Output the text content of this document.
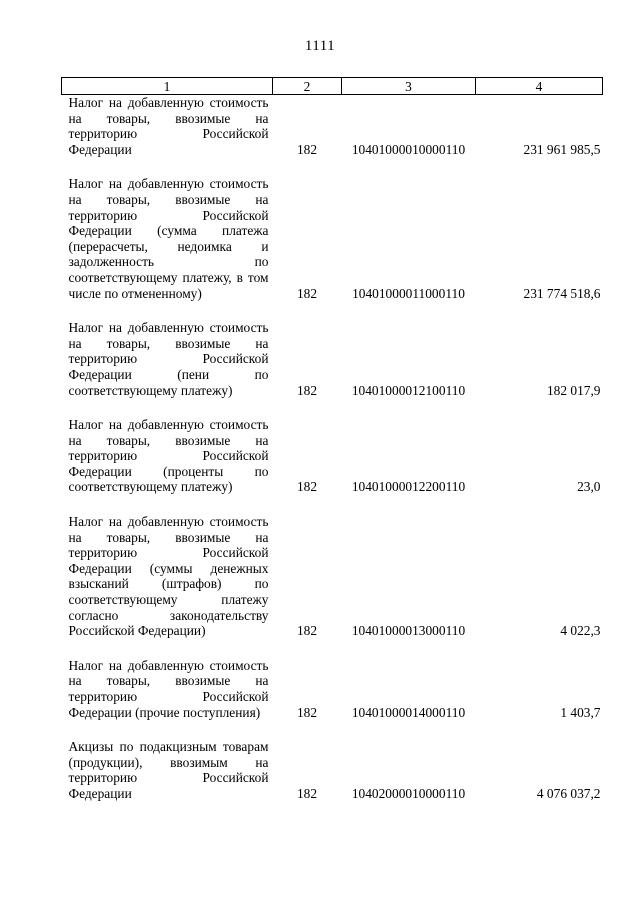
1111
1	2	3	4

Налог на добавленную стоимость на товары, ввозимые на территорию Российской Федерации	182	10401000010000110	231 961 985,5

Налог на добавленную стоимость на товары, ввозимые на территорию Российской Федерации (сумма платежа (перерасчеты, недоимка и задолженность по соответствующему платежу, в том числе по отмененному)	182	10401000011000110	231 774 518,6

Налог на добавленную стоимость на товары, ввозимые на территорию Российской Федерации (пени по соответствующему платежу)	182	10401000012100110	182 017,9

Налог на добавленную стоимость на товары, ввозимые на территорию Российской Федерации (проценты по соответствующему платежу)	182	10401000012200110	23,0

Налог на добавленную стоимость на товары, ввозимые на территорию Российской Федерации (суммы денежных взысканий (штрафов) по соответствующему платежу согласно законодательству Российской Федерации)	182	10401000013000110	4 022,3

Налог на добавленную стоимость на товары, ввозимые на территорию Российской Федерации (прочие поступления)	182	10401000014000110	1 403,7

Акцизы по подакцизным товарам (продукции), ввозимым на территорию Российской Федерации	182	10402000010000110	4 076 037,2
